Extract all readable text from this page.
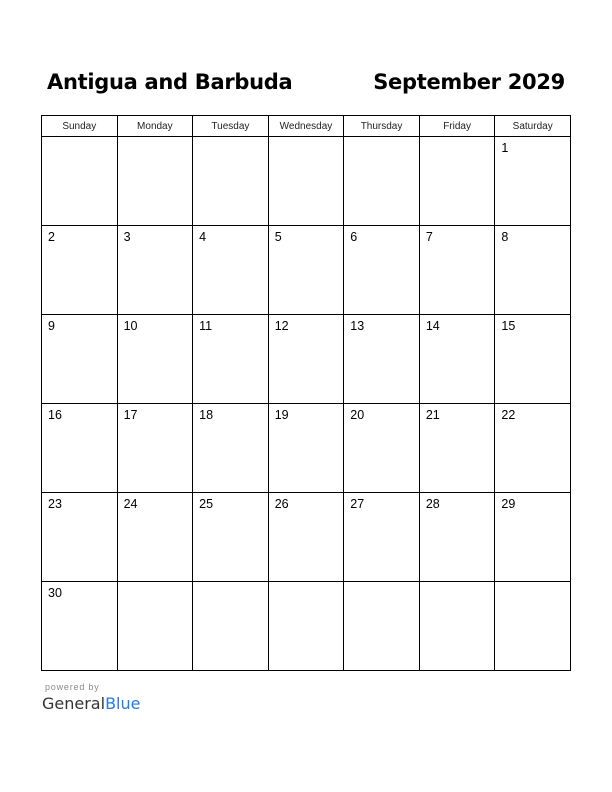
Antigua and Barbuda	September 2029
Sunday	Monday	Tuesday	Wednesday	Thursday	Friday	Saturday

						1

2	3	4	5	6	7	8

9	10	11	12	13	14	15

16	17	18	19	20	21	22

23	24	25	26	27	28	29

30						

powered by
GeneralBlue
